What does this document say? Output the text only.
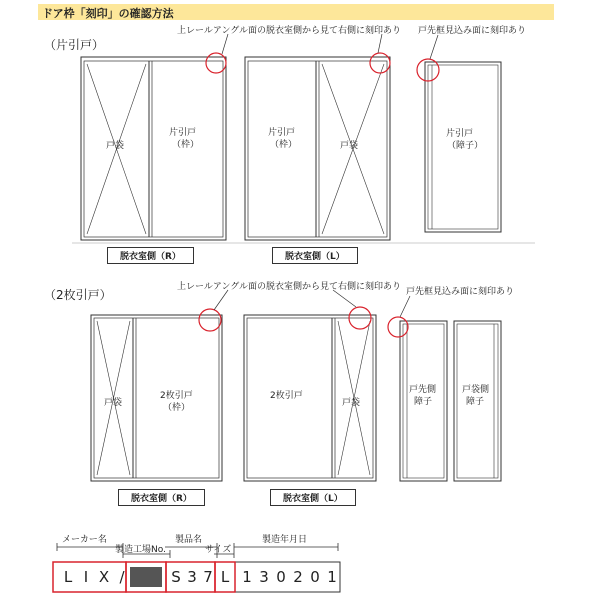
ドア枠「刻印」の確認方法
（片引戸）
（2枚引戸）
上レールアングル面の脱衣室側から見て右側に刻印あり 戸先框見込み面に刻印あり
上レールアングル面の脱衣室側から見て右側に刻印あり 戸先框見込み面に刻印あり
戸袋
片引戸
（枠）
片引戸
（枠）	戸袋
片引戸
（障子）
脱衣室側（R）	脱衣室側（L）
戸袋
2枚引戸
（枠）
2枚引戸
戸袋
戸先側
障子
戸袋側
障子
脱衣室側（R）	脱衣室側（L）
メーカー名
製造工場No.
製品名
サイズ
製造年月日
L I X /	S 3 7 L 1 3 0 2 0 1
